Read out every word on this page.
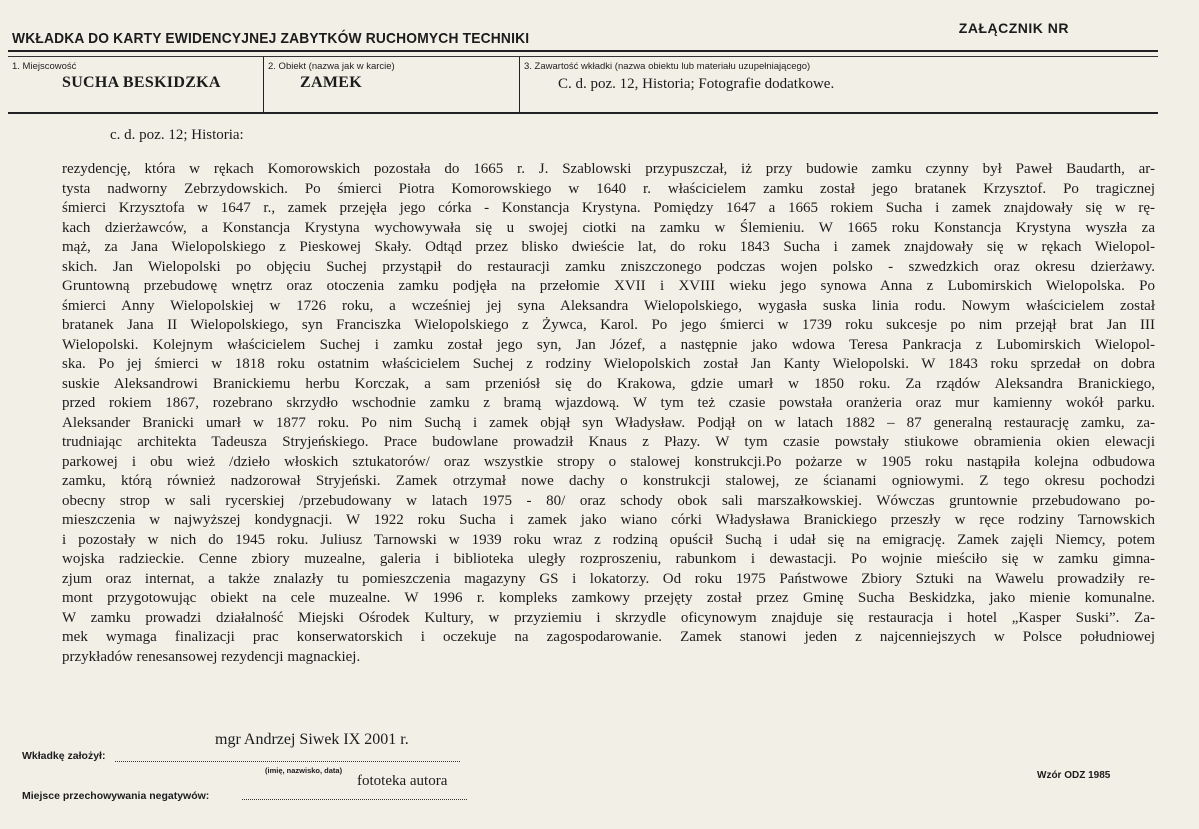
WKŁADKA DO KARTY EWIDENCYJNEJ ZABYTKÓW RUCHOMYCH TECHNIKI
ZAŁĄCZNIK NR
1. Miejscowość
SUCHA BESKIDZKA
2. Obiekt (nazwa jak w karcie)
ZAMEK
3. Zawartość wkładki (nazwa obiektu lub materiału uzupełniającego)
C. d. poz. 12, Historia; Fotografie dodatkowe.
c. d. poz. 12; Historia:
rezydencję, która w rękach Komorowskich pozostała do 1665 r. J. Szablowski przypuszczał, iż przy budowie zamku czynny był Paweł Baudarth, ar-
tysta nadworny Zebrzydowskich. Po śmierci Piotra Komorowskiego w 1640 r. właścicielem zamku został jego bratanek Krzysztof. Po tragicznej
śmierci Krzysztofa w 1647 r., zamek przejęła jego córka - Konstancja Krystyna. Pomiędzy 1647 a 1665 rokiem Sucha i zamek znajdowały się w rę-
kach dzierżawców, a Konstancja Krystyna wychowywała się u swojej ciotki na zamku w Ślemieniu. W 1665 roku Konstancja Krystyna wyszła za
mąż, za Jana Wielopolskiego z Pieskowej Skały. Odtąd przez blisko dwieście lat, do roku 1843 Sucha i zamek znajdowały się w rękach Wielopol-
skich. Jan Wielopolski po objęciu Suchej przystąpił do restauracji zamku zniszczonego podczas wojen polsko - szwedzkich oraz okresu dzierżawy.
Gruntowną przebudowę wnętrz oraz otoczenia zamku podjęła na przełomie XVII i XVIII wieku jego synowa Anna z Lubomirskich Wielopolska. Po
śmierci Anny Wielopolskiej w 1726 roku, a wcześniej jej syna Aleksandra Wielopolskiego, wygasła suska linia rodu. Nowym właścicielem został
bratanek Jana II Wielopolskiego, syn Franciszka Wielopolskiego z Żywca, Karol. Po jego śmierci w 1739 roku sukcesje po nim przejął brat Jan III
Wielopolski. Kolejnym właścicielem Suchej i zamku został jego syn, Jan Józef, a następnie jako wdowa Teresa Pankracja z Lubomirskich Wielopol-
ska. Po jej śmierci w 1818 roku ostatnim właścicielem Suchej z rodziny Wielopolskich został Jan Kanty Wielopolski. W 1843 roku sprzedał on dobra
suskie Aleksandrowi Branickiemu herbu Korczak, a sam przeniósł się do Krakowa, gdzie umarł w 1850 roku. Za rządów Aleksandra Branickiego,
przed rokiem 1867, rozebrano skrzydło wschodnie zamku z bramą wjazdową. W tym też czasie powstała oranżeria oraz mur kamienny wokół parku.
Aleksander Branicki umarł w 1877 roku. Po nim Suchą i zamek objął syn Władysław. Podjął on w latach 1882 – 87 generalną restaurację zamku, za-
trudniając architekta Tadeusza Stryjeńskiego. Prace budowlane prowadził Knaus z Płazy. W tym czasie powstały stiukowe obramienia okien elewacji
parkowej i obu wież /dzieło włoskich sztukatorów/ oraz wszystkie stropy o stalowej konstrukcji.Po pożarze w 1905 roku nastąpiła kolejna odbudowa
zamku, którą również nadzorował Stryjeński. Zamek otrzymał nowe dachy o konstrukcji stalowej, ze ścianami ogniowymi. Z tego okresu pochodzi
obecny strop w sali rycerskiej /przebudowany w latach 1975 - 80/ oraz schody obok sali marszałkowskiej. Wówczas gruntownie przebudowano po-
mieszczenia w najwyższej kondygnacji. W 1922 roku Sucha i zamek jako wiano córki Władysława Branickiego przeszły w ręce rodziny Tarnowskich
i pozostały w nich do 1945 roku. Juliusz Tarnowski w 1939 roku wraz z rodziną opuścił Suchą i udał się na emigrację. Zamek zajęli Niemcy, potem
wojska radzieckie. Cenne zbiory muzealne, galeria i biblioteka uległy rozproszeniu, rabunkom i dewastacji. Po wojnie mieściło się w zamku gimna-
zjum oraz internat, a także znalazły tu pomieszczenia magazyny GS i lokatorzy. Od roku 1975 Państwowe Zbiory Sztuki na Wawelu prowadziły re-
mont przygotowując obiekt na cele muzealne. W 1996 r. kompleks zamkowy przejęty został przez Gminę Sucha Beskidzka, jako mienie komunalne.
W zamku prowadzi działalność Miejski Ośrodek Kultury, w przyziemiu i skrzydle oficynowym znajduje się restauracja i hotel „Kasper Suski”. Za-
mek wymaga finalizacji prac konserwatorskich i oczekuje na zagospodarowanie. Zamek stanowi jeden z najcenniejszych w Polsce południowej
przykładów renesansowej rezydencji magnackiej.
mgr Andrzej Siwek IX 2001 r.
Wkładkę założył:
(imię, nazwisko, data)
fototeka autora
Miejsce przechowywania negatywów:
Wzór ODZ 1985
